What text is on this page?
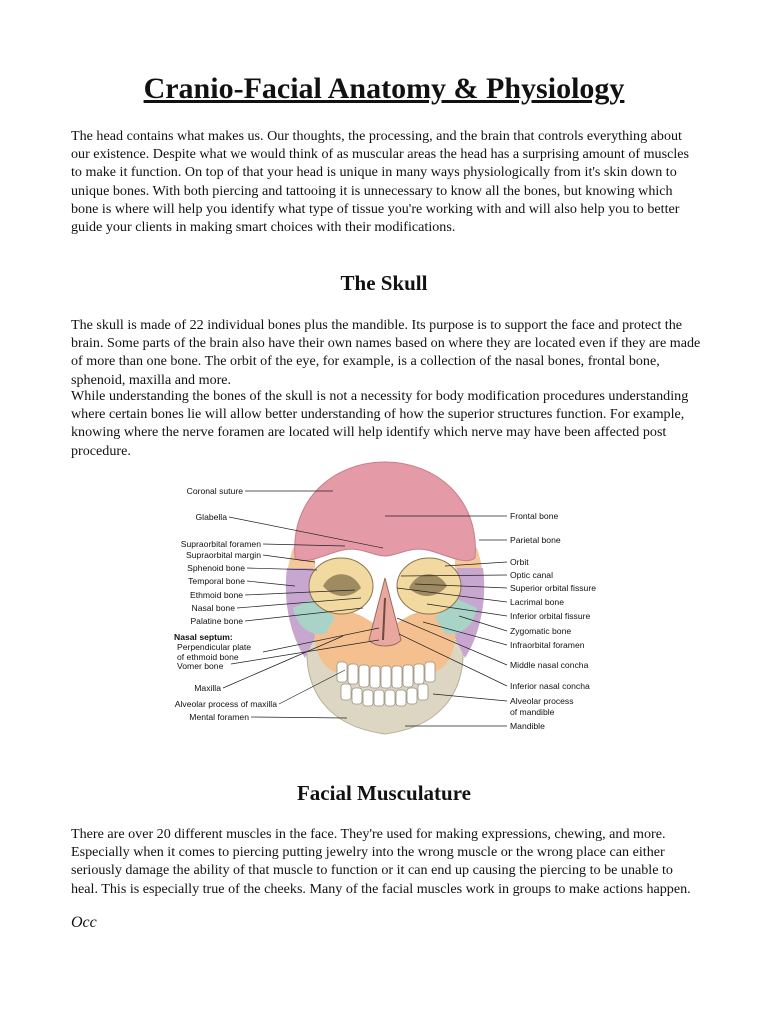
Cranio-Facial Anatomy & Physiology

The head contains what makes us. Our thoughts, the processing, and the brain that controls everything about our existence. Despite what we would think of as muscular areas the head has a surprising amount of muscles to make it function. On top of that your head is unique in many ways physiologically from it's skin down to unique bones. With both piercing and tattooing it is unnecessary to know all the bones, but knowing which bone is where will help you identify what type of tissue you're working with and will also help you to better guide your clients in making smart choices with their modifications.

The Skull

The skull is made of 22 individual bones plus the mandible. Its purpose is to support the face and protect the brain. Some parts of the brain also have their own names based on where they are located even if they are made of more than one bone. The orbit of the eye, for example, is a collection of the nasal bones, frontal bone, sphenoid, maxilla and more.

While understanding the bones of the skull is not a necessity for body modification procedures understanding where certain bones lie will allow better understanding of how the superior structures function. For example, knowing where the nerve foramen are located will help identify which nerve may have been affected post procedure.

Coronal suture
Glabella
Supraorbital foramen
Supraorbital margin
Sphenoid bone
Temporal bone
Ethmoid bone
Nasal bone
Palatine bone
Nasal septum:
Perpendicular plate
of ethmoid bone
Vomer bone
Maxilla
Alveolar process of maxilla
Mental foramen
Frontal bone
Parietal bone
Orbit
Optic canal
Superior orbital fissure
Lacrimal bone
Inferior orbital fissure
Zygomatic bone
Infraorbital foramen
Middle nasal concha
Inferior nasal concha
Alveolar process
of mandible
Mandible
Facial Musculature

There are over 20 different muscles in the face. They're used for making expressions, chewing, and more. Especially when it comes to piercing putting jewelry into the wrong muscle or the wrong place can either seriously damage the ability of that muscle to function or it can end up causing the piercing to be unable to heal. This is especially true of the cheeks. Many of the facial muscles work in groups to make actions happen.

Occ
